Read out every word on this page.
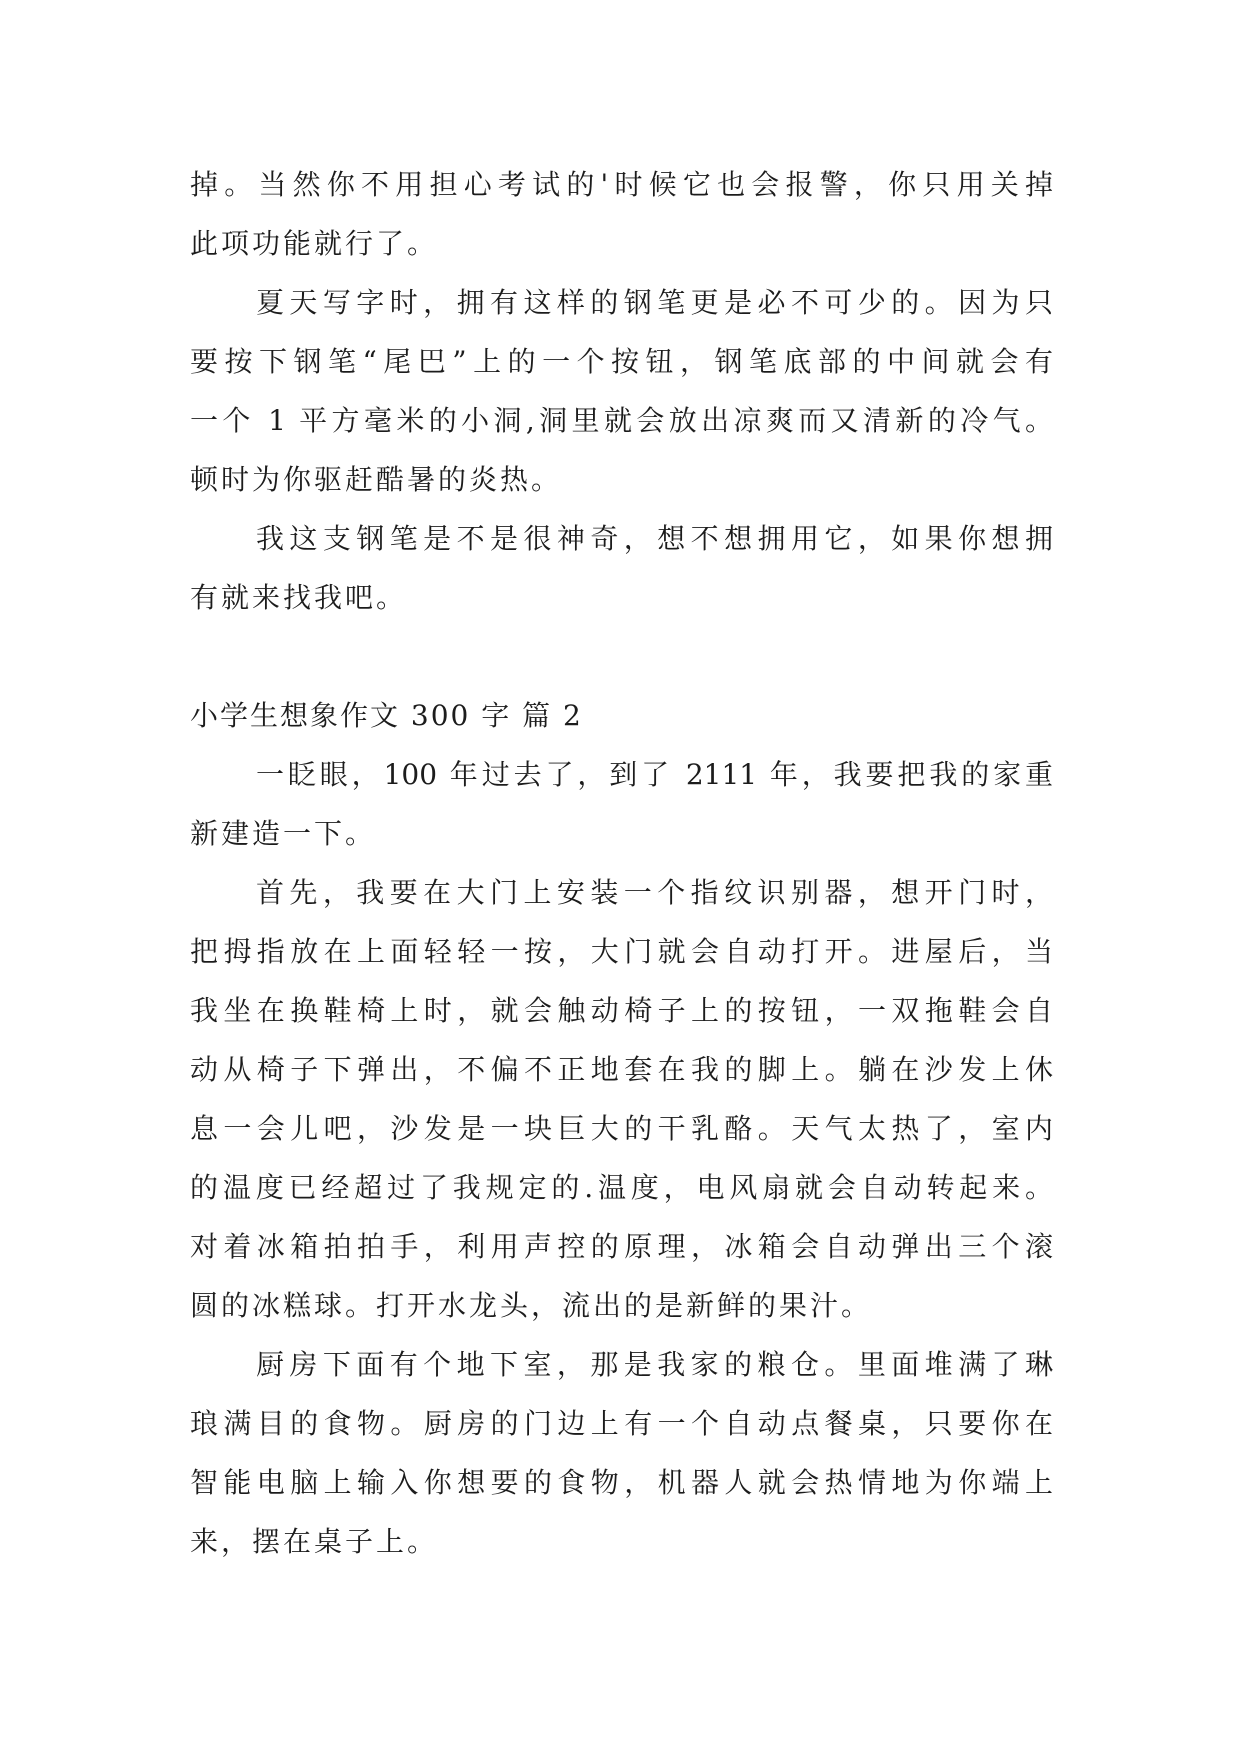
掉。当然你不用担心考试的'时候它也会报警，你只用关掉
此项功能就行了。
夏天写字时，拥有这样的钢笔更是必不可少的。因为只
要按下钢笔“尾巴”上的一个按钮，钢笔底部的中间就会有
一个 1 平方毫米的小洞,洞里就会放出凉爽而又清新的冷气。
顿时为你驱赶酷暑的炎热。
我这支钢笔是不是很神奇，想不想拥用它，如果你想拥
有就来找我吧。
小学生想象作文 300 字 篇 2
一眨眼，100 年过去了，到了 2111 年，我要把我的家重
新建造一下。
首先，我要在大门上安装一个指纹识别器，想开门时，
把拇指放在上面轻轻一按，大门就会自动打开。进屋后，当
我坐在换鞋椅上时，就会触动椅子上的按钮，一双拖鞋会自
动从椅子下弹出，不偏不正地套在我的脚上。躺在沙发上休
息一会儿吧，沙发是一块巨大的干乳酪。天气太热了，室内
的温度已经超过了我规定的.温度，电风扇就会自动转起来。
对着冰箱拍拍手，利用声控的原理，冰箱会自动弹出三个滚
圆的冰糕球。打开水龙头，流出的是新鲜的果汁。
厨房下面有个地下室，那是我家的粮仓。里面堆满了琳
琅满目的食物。厨房的门边上有一个自动点餐桌，只要你在
智能电脑上输入你想要的食物，机器人就会热情地为你端上
来，摆在桌子上。
